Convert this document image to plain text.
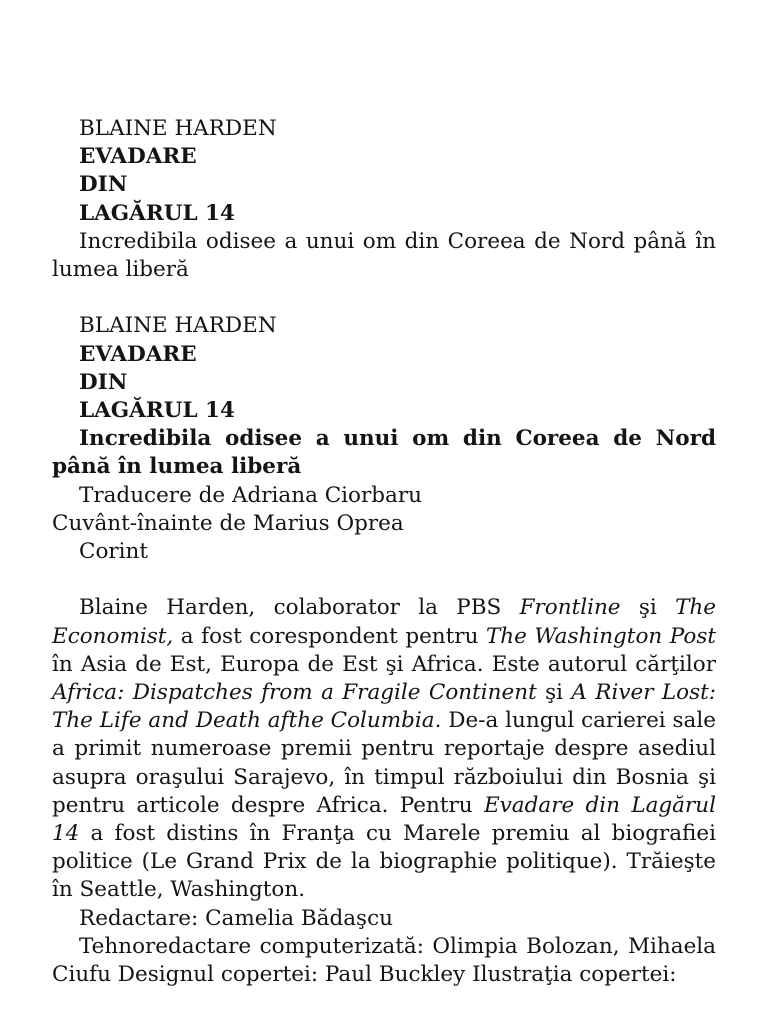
BLAINE HARDEN

EVADARE

DIN

LAGĂRUL 14

Incredibila odisee a unui om din Coreea de Nord până în lumea liberă

BLAINE HARDEN

EVADARE

DIN

LAGĂRUL 14

Incredibila odisee a unui om din Coreea de Nord până în lumea liberă

Traducere de Adriana Ciorbaru

Cuvânt-înainte de Marius Oprea

Corint

Blaine Harden, colaborator la PBS Frontline şi The Economist, a fost corespondent pentru The Washington Post în Asia de Est, Europa de Est şi Africa. Este autorul cărţilor Africa: Dispatches from a Fragile Continent şi A River Lost: The Life and Death afthe Columbia. De-a lungul carierei sale a primit numeroase premii pentru reportaje despre asediul asupra oraşului Sarajevo, în timpul războiului din Bosnia şi pentru articole despre Africa. Pentru Evadare din Lagărul 14 a fost distins în Franţa cu Marele premiu al biografiei politice (Le Grand Prix de la biographie politique). Trăieşte în Seattle, Washington.

Redactare: Camelia Bădaşcu

Tehnoredactare computerizată: Olimpia Bolozan, Mihaela Ciufu Designul copertei: Paul Buckley Ilustraţia copertei:
